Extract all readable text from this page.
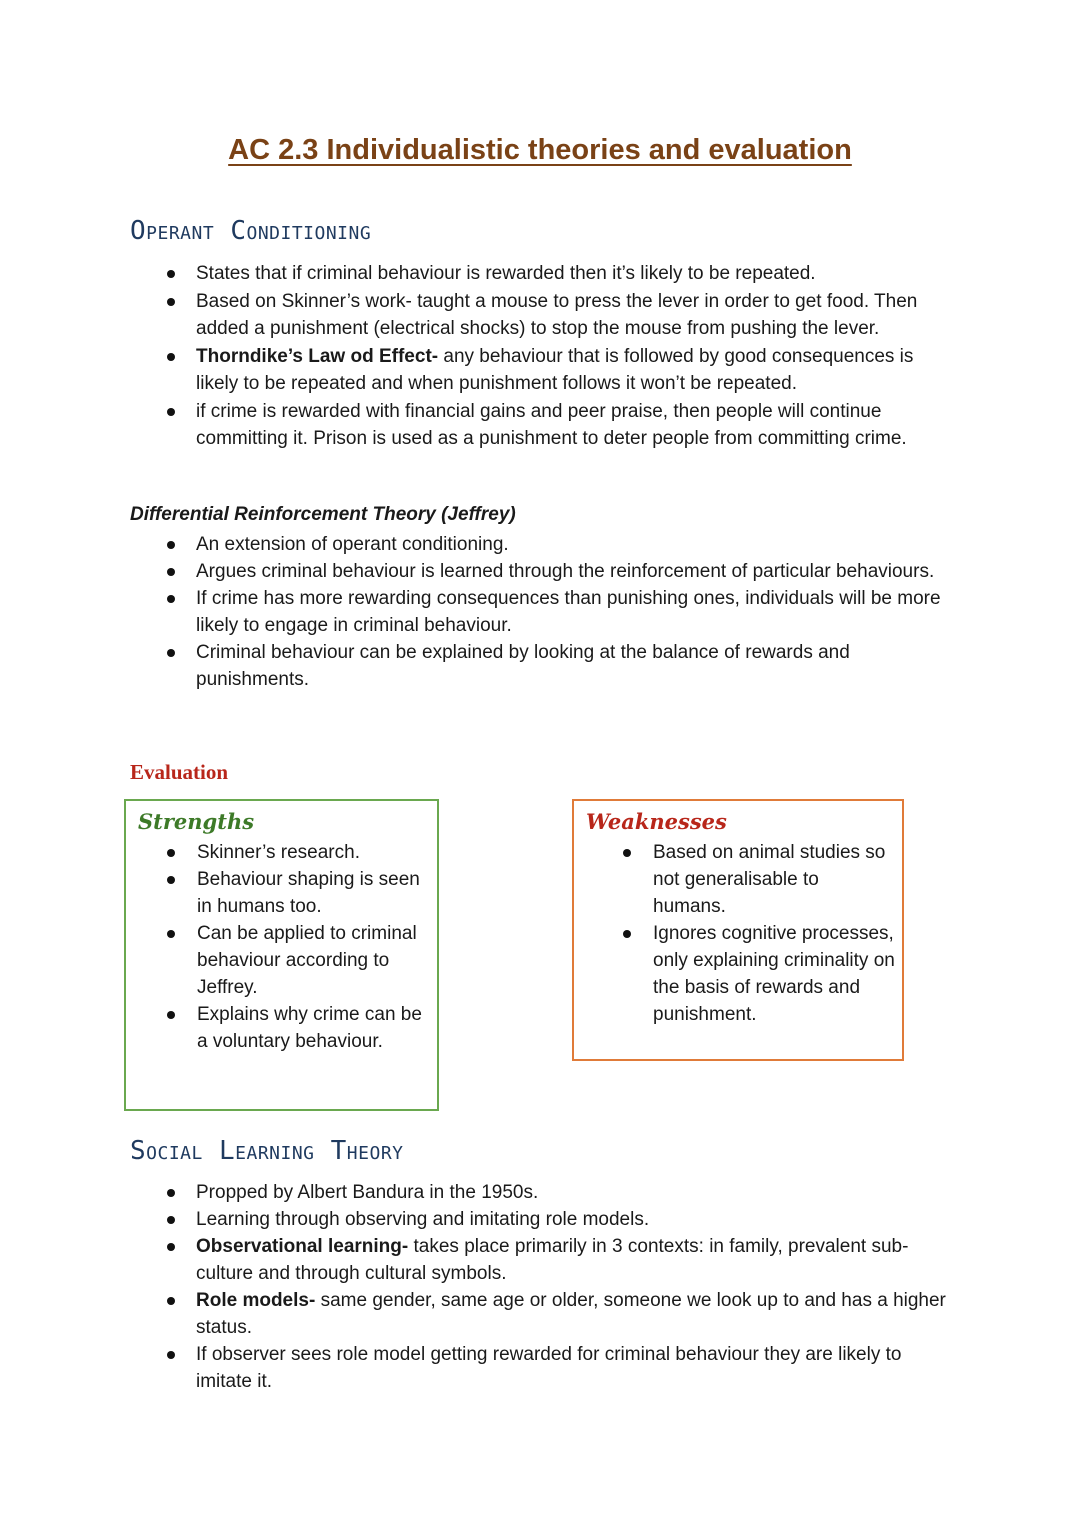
AC 2.3 Individualistic theories and evaluation
Operant Conditioning
States that if criminal behaviour is rewarded then it’s likely to be repeated.
Based on Skinner’s work- taught a mouse to press the lever in order to get food. Then added a punishment (electrical shocks) to stop the mouse from pushing the lever.
Thorndike’s Law od Effect- any behaviour that is followed by good consequences is likely to be repeated and when punishment follows it won’t be repeated.
if crime is rewarded with financial gains and peer praise, then people will continue committing it. Prison is used as a punishment to deter people from committing crime.
Differential Reinforcement Theory (Jeffrey)
An extension of operant conditioning.
Argues criminal behaviour is learned through the reinforcement of particular behaviours.
If crime has more rewarding consequences than punishing ones, individuals will be more likely to engage in criminal behaviour.
Criminal behaviour can be explained by looking at the balance of rewards and punishments.
Evaluation
Strengths
Skinner’s research.
Behaviour shaping is seen in humans too.
Can be applied to criminal behaviour according to Jeffrey.
Explains why crime can be a voluntary behaviour.
Weaknesses
Based on animal studies so not generalisable to humans.
Ignores cognitive processes, only explaining criminality on the basis of rewards and punishment.
Social Learning Theory
Propped by Albert Bandura in the 1950s.
Learning through observing and imitating role models.
Observational learning- takes place primarily in 3 contexts: in family, prevalent sub-culture and through cultural symbols.
Role models- same gender, same age or older, someone we look up to and has a higher status.
If observer sees role model getting rewarded for criminal behaviour they are likely to imitate it.
